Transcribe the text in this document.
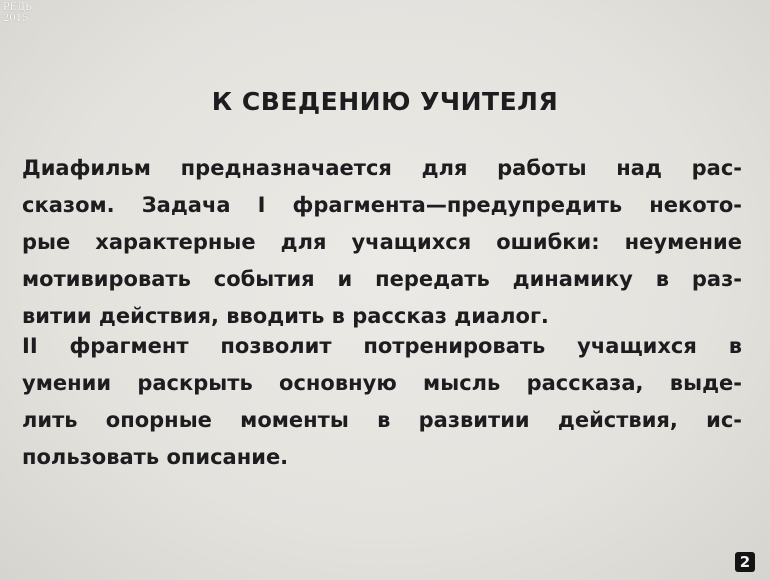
РЕДЬ
2015
К СВЕДЕНИЮ УЧИТЕЛЯ
Диафильм предназначается для работы над рас-
сказом. Задача I фрагмента—предупредить некото-
рые характерные для учащихся ошибки: неумение
мотивировать события и передать динамику в раз-
витии действия, вводить в рассказ диалог.
II фрагмент позволит потренировать учащихся в
умении раскрыть основную мысль рассказа, выде-
лить опорные моменты в развитии действия, ис-
пользовать описание.
2
